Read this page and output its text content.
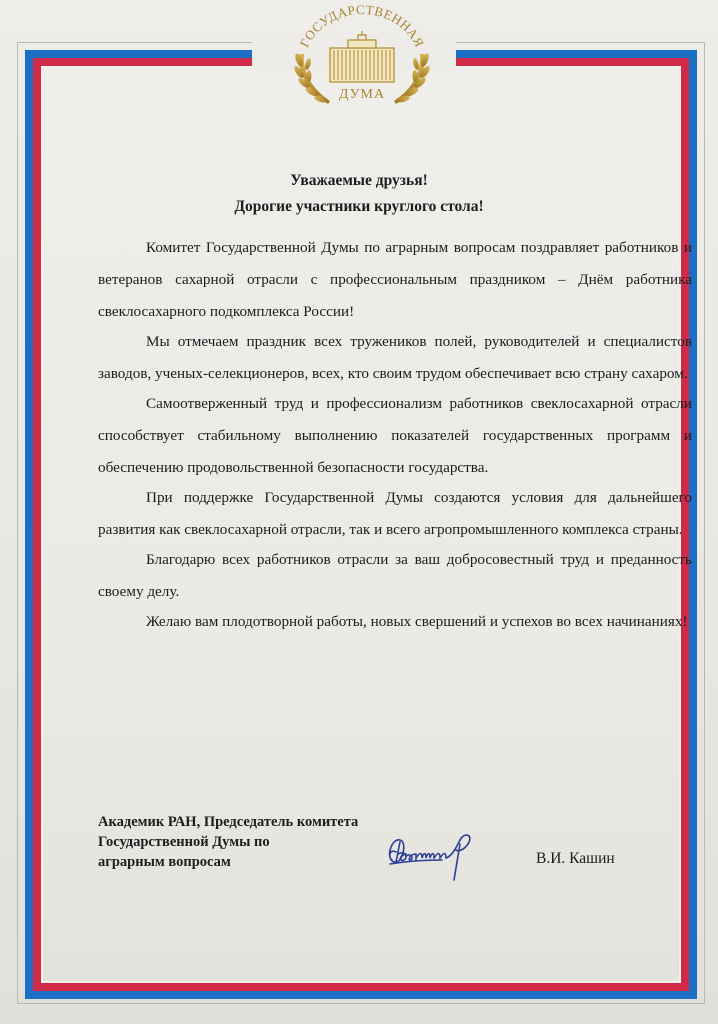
ГОСУДАРСТВЕННАЯ
ДУМА
Уважаемые друзья!
Дорогие участники круглого стола!

Комитет Государственной Думы по аграрным вопросам поздравляет работников и ветеранов сахарной отрасли с профессиональным праздником – Днём работника свеклосахарного подкомплекса России!

Мы отмечаем праздник всех тружеников полей, руководителей и специалистов заводов, ученых-селекционеров, всех, кто своим трудом обеспечивает всю страну сахаром.

Самоотверженный труд и профессионализм работников свеклосахарной отрасли способствует стабильному выполнению показателей государственных программ и обеспечению продовольственной безопасности государства.

При поддержке Государственной Думы создаются условия для дальнейшего развития как свеклосахарной отрасли, так и всего агропромышленного комплекса страны.

Благодарю всех работников отрасли за ваш добросовестный труд и преданность своему делу.

Желаю вам плодотворной работы, новых свершений и успехов во всех начинаниях!

Академик РАН, Председатель комитета
Государственной Думы по
аграрным вопросам	В.И. Кашин
